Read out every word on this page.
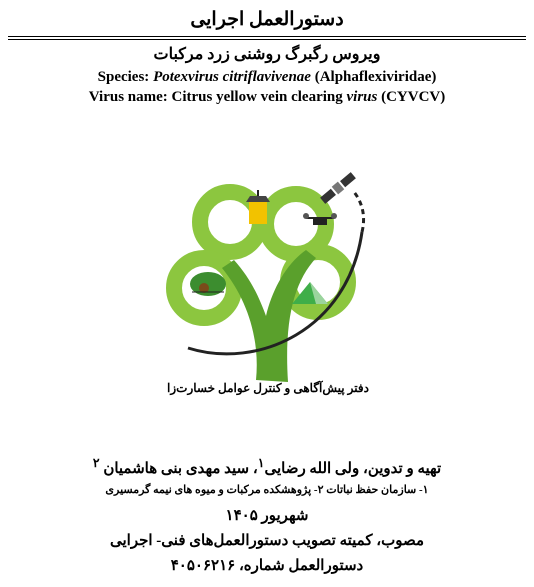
دستورالعمل اجرایی
ویروس رگبرگ روشنی زرد مرکبات
Species: Potexvirus citriflavivenae (Alphaflexiviridae)
Virus name: Citrus yellow vein clearing virus (CYVCV)
دفتر پیش‌آگاهی و کنترل عوامل خسارت‌زا
تهیه و تدوین، ولی الله رضایی$^۱$، سید مهدی بنی هاشمیان $^۲$
۱- سازمان حفظ نباتات ۲- پژوهشکده مرکبات و میوه های نیمه گرمسیری
شهریور ۱۴۰۵
مصوب، کمیته تصویب دستورالعمل‌های فنی- اجرایی
دستورالعمل شماره، ۴۰۵۰۶۲۱۶
